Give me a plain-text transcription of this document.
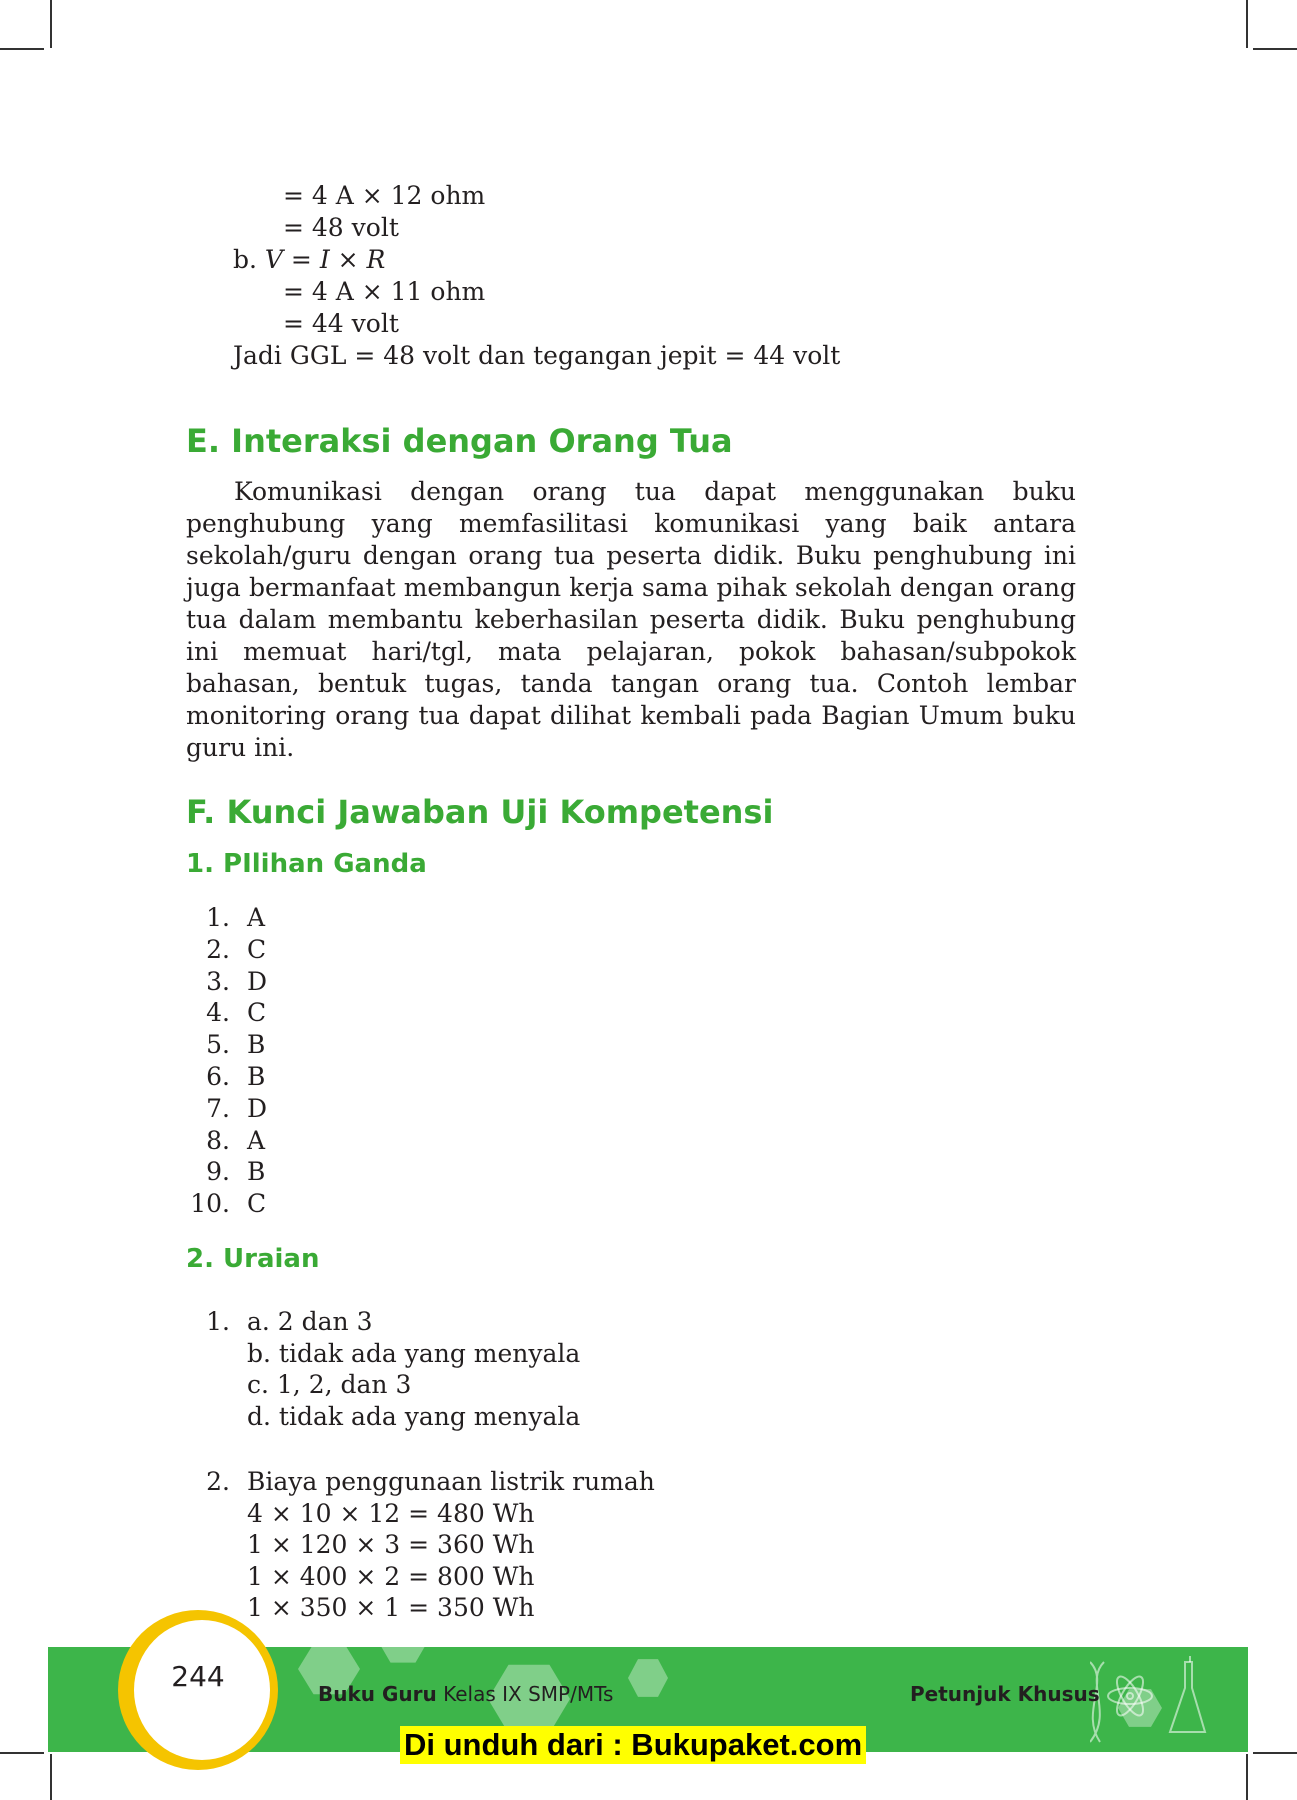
= 4 A × 12 ohm
= 48 volt
b. V = I × R
= 4 A × 11 ohm
= 44 volt
Jadi GGL = 48 volt dan tegangan jepit = 44 volt
E. Interaksi dengan Orang Tua

Komunikasi dengan orang tua dapat menggunakan buku penghubung yang memfasilitasi komunikasi yang baik antara sekolah/guru dengan orang tua peserta didik. Buku penghubung ini juga bermanfaat membangun kerja sama pihak sekolah dengan orang tua dalam membantu keberhasilan peserta didik. Buku penghubung ini memuat hari/tgl, mata pelajaran, pokok bahasan/subpokok bahasan, bentuk tugas, tanda tangan orang tua. Contoh lembar monitoring orang tua dapat dilihat kembali pada Bagian Umum buku guru ini.

F. Kunci Jawaban Uji Kompetensi
1. PIlihan Ganda
1. A
2. C
3. D
4. C
5. B
6. B
7. D
8. A
9. B
10. C
2. Uraian
1. a. 2 dan 3
b. tidak ada yang menyala
c. 1, 2, dan 3
d. tidak ada yang menyala
2. Biaya penggunaan listrik rumah
4 × 10 × 12 = 480 Wh
1 × 120 × 3 = 360 Wh
1 × 400 × 2 = 800 Wh
1 × 350 × 1 = 350 Wh
244
Buku Guru Kelas IX SMP/MTs	Petunjuk Khusus
Di unduh dari : Bukupaket.com
